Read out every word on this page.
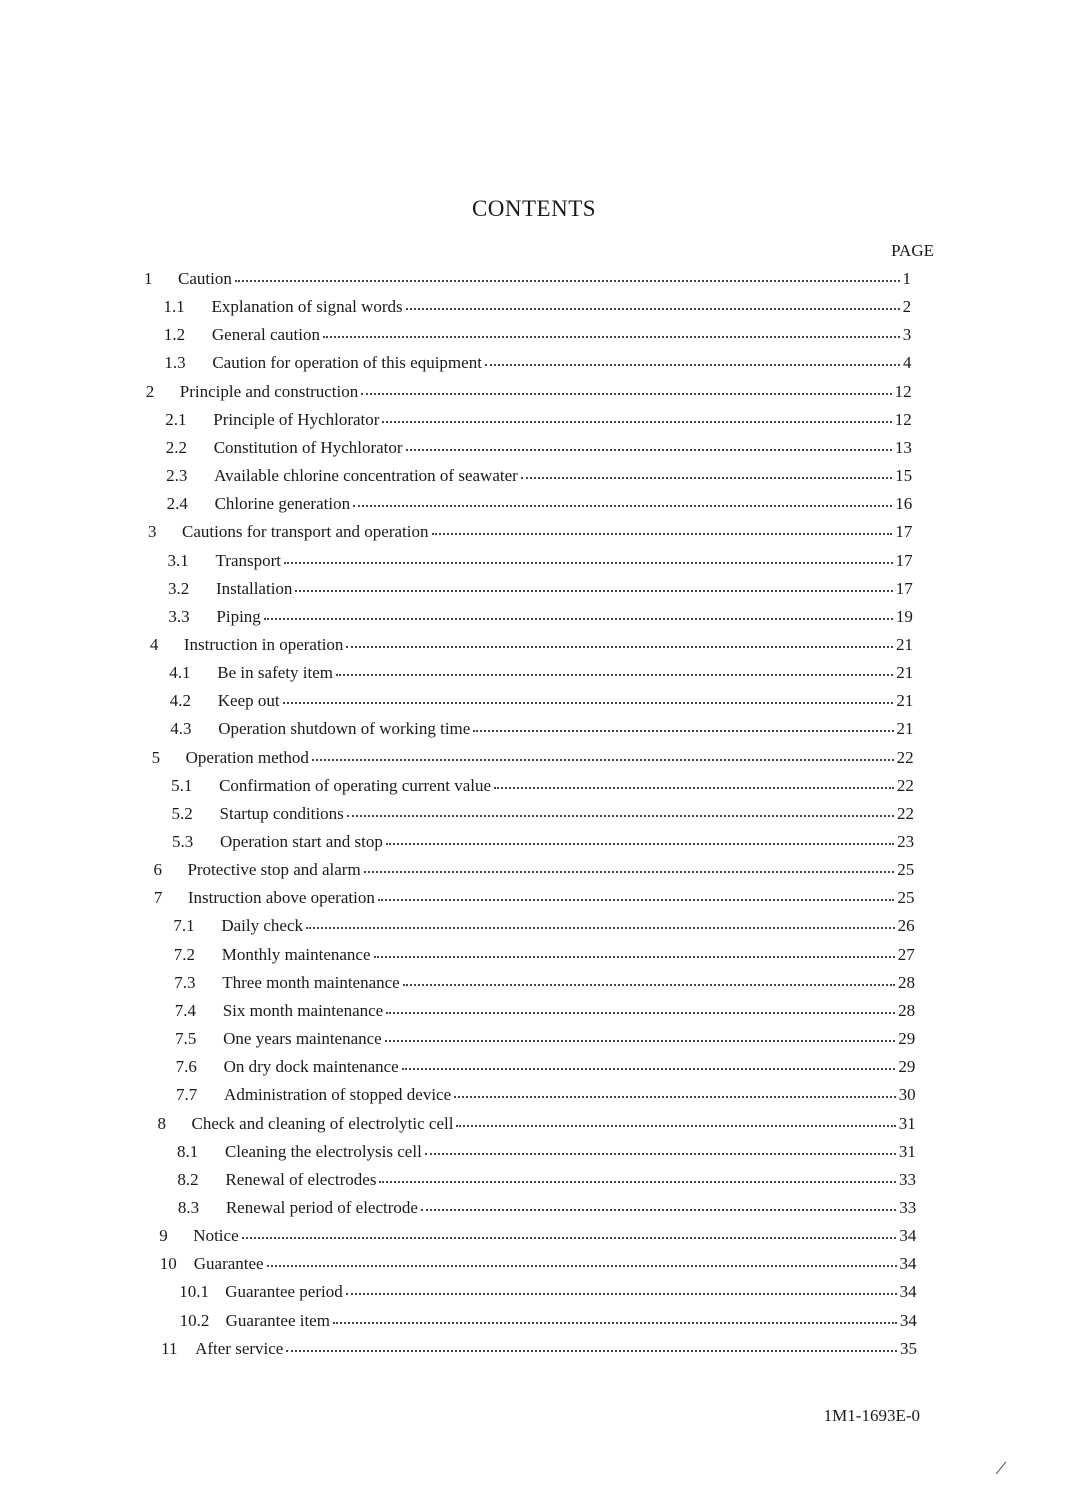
CONTENTS
PAGE
1	Caution	1
1.1	Explanation of signal words	2
1.2	General caution	3
1.3	Caution for operation of this equipment	4
2	Principle and construction	12
2.1	Principle of Hychlorator	12
2.2	Constitution of Hychlorator	13
2.3	Available chlorine concentration of seawater	15
2.4	Chlorine generation	16
3	Cautions for transport and operation	17
3.1	Transport	17
3.2	Installation	17
3.3	Piping	19
4	Instruction in operation	21
4.1	Be in safety item	21
4.2	Keep out	21
4.3	Operation shutdown of working time	21
5	Operation method	22
5.1	Confirmation of operating current value	22
5.2	Startup conditions	22
5.3	Operation start and stop	23
6	Protective stop and alarm	25
7	Instruction above operation	25
7.1	Daily check	26
7.2	Monthly maintenance	27
7.3	Three month maintenance	28
7.4	Six month maintenance	28
7.5	One years maintenance	29
7.6	On dry dock maintenance	29
7.7	Administration of stopped device	30
8	Check and cleaning of electrolytic cell	31
8.1	Cleaning the electrolysis cell	31
8.2	Renewal of electrodes	33
8.3	Renewal period of electrode	33
9	Notice	34
10	Guarantee	34
10.1 Guarantee period	34
10.2 Guarantee item	34
11	After service	35
1M1-1693E-0
/
